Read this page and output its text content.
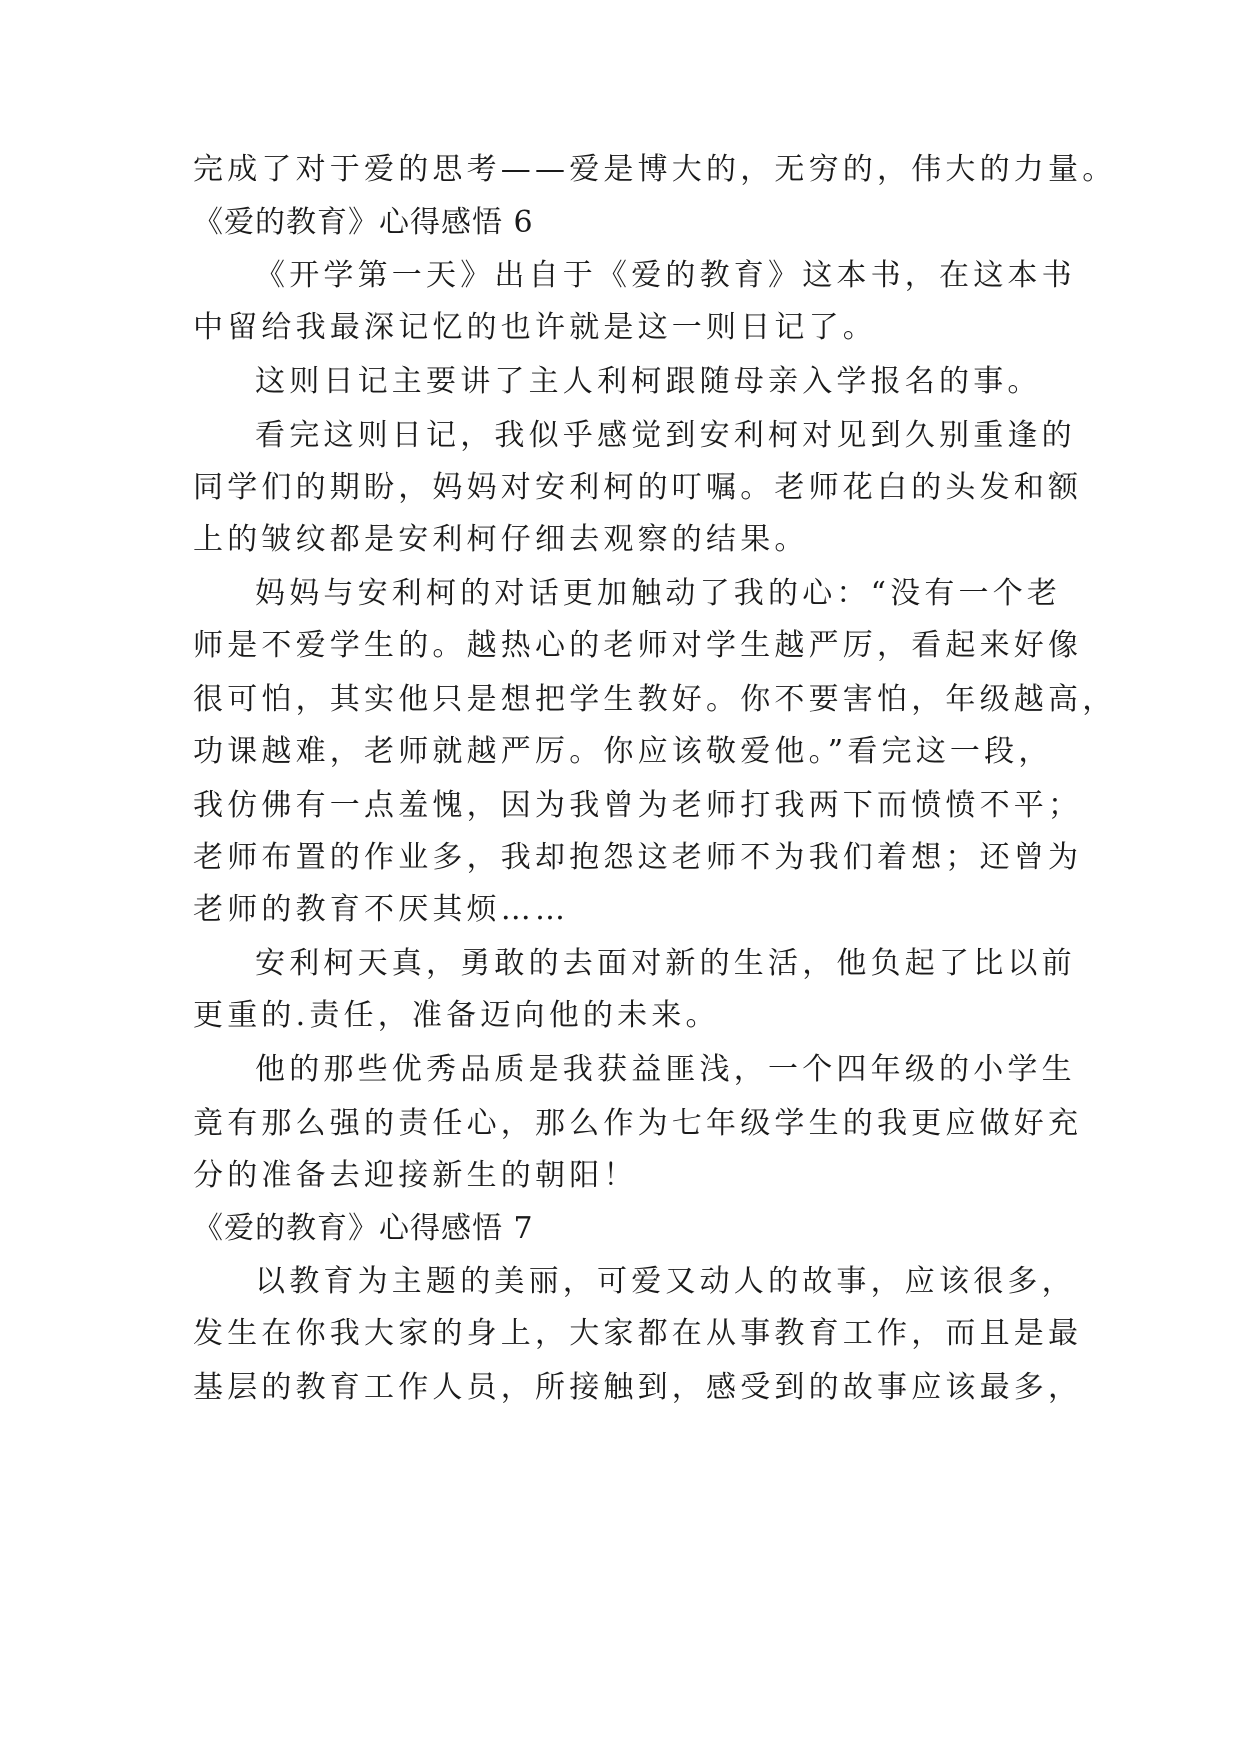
完成了对于爱的思考——爱是博大的，无穷的，伟大的力量。
《爱的教育》心得感悟 6
《开学第一天》出自于《爱的教育》这本书，在这本书
中留给我最深记忆的也许就是这一则日记了。
这则日记主要讲了主人利柯跟随母亲入学报名的事。
看完这则日记，我似乎感觉到安利柯对见到久别重逢的
同学们的期盼，妈妈对安利柯的叮嘱。老师花白的头发和额
上的皱纹都是安利柯仔细去观察的结果。
妈妈与安利柯的对话更加触动了我的心：“没有一个老
师是不爱学生的。越热心的老师对学生越严厉，看起来好像
很可怕，其实他只是想把学生教好。你不要害怕，年级越高，
功课越难，老师就越严厉。你应该敬爱他。”看完这一段，
我仿佛有一点羞愧，因为我曾为老师打我两下而愤愤不平；
老师布置的作业多，我却抱怨这老师不为我们着想；还曾为
老师的教育不厌其烦……
安利柯天真，勇敢的去面对新的生活，他负起了比以前
更重的.责任，准备迈向他的未来。
他的那些优秀品质是我获益匪浅，一个四年级的小学生
竟有那么强的责任心，那么作为七年级学生的我更应做好充
分的准备去迎接新生的朝阳！
《爱的教育》心得感悟 7
以教育为主题的美丽，可爱又动人的故事，应该很多，
发生在你我大家的身上，大家都在从事教育工作，而且是最
基层的教育工作人员，所接触到，感受到的故事应该最多，
